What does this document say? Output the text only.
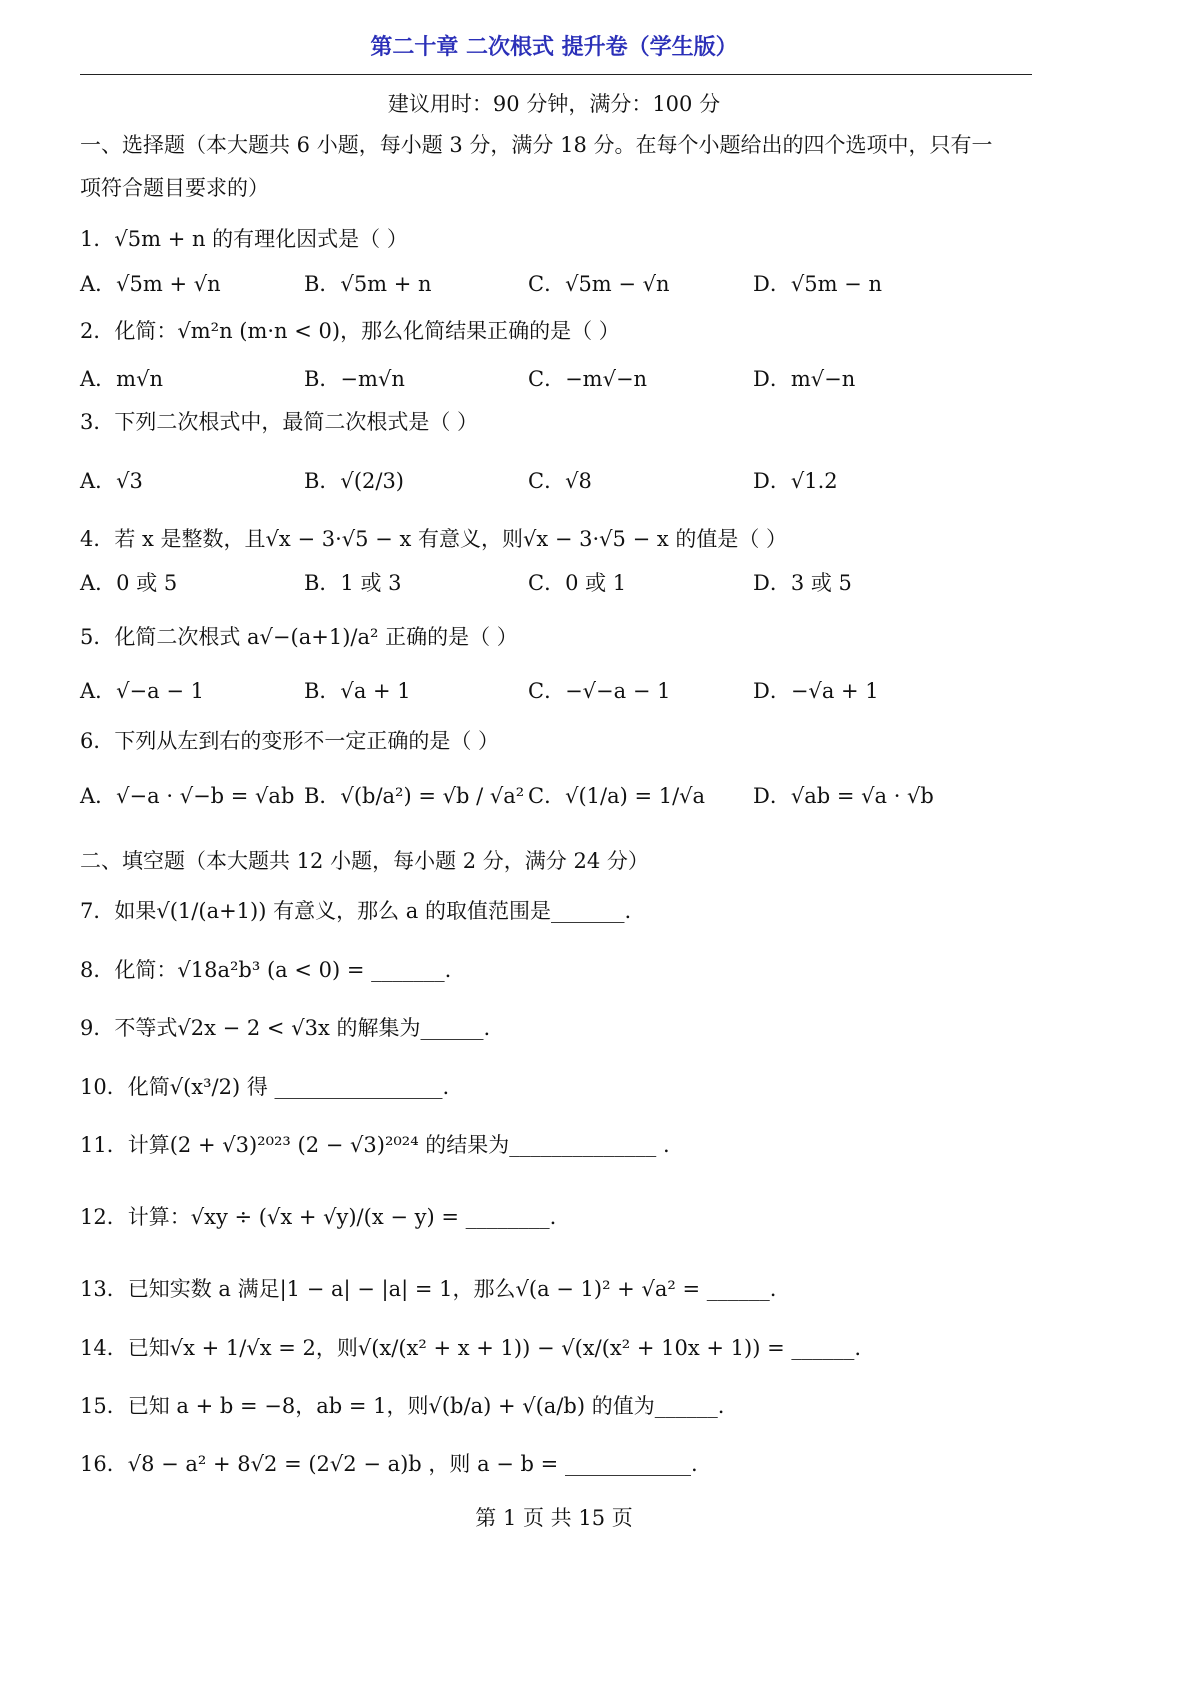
第二十章 二次根式 提升卷（学生版）
建议用时：90 分钟，满分：100 分
一、选择题（本大题共 6 小题，每小题 3 分，满分 18 分。在每个小题给出的四个选项中，只有一
项符合题目要求的）
1．√5m + n 的有理化因式是（ ）
A．√5m + √n	B．√5m + n	C．√5m − √n	D．√5m − n
2．化简：√m²n (m·n < 0)，那么化简结果正确的是（ ）
A．m√n	B．−m√n	C．−m√−n	D．m√−n
3．下列二次根式中，最简二次根式是（ ）
A．√3	B．√(2/3)	C．√8	D．√1.2
4．若 x 是整数，且√x − 3·√5 − x 有意义，则√x − 3·√5 − x 的值是（ ）
A．0 或 5	B．1 或 3	C．0 或 1	D．3 或 5
5．化简二次根式 a√−(a+1)/a² 正确的是（ ）
A．√−a − 1	B．√a + 1	C．−√−a − 1	D．−√a + 1
6．下列从左到右的变形不一定正确的是（ ）
A．√−a · √−b = √ab B．√(b/a²) = √b / √a² C．√(1/a) = 1/√a D．√ab = √a · √b
二、填空题（本大题共 12 小题，每小题 2 分，满分 24 分）
7．如果√(1/(a+1)) 有意义，那么 a 的取值范围是_______.
8．化简：√18a²b³ (a < 0) = _______.
9．不等式√2x − 2 < √3x 的解集为______.
10．化简√(x³/2) 得 ________________.
11．计算(2 + √3)²⁰²³ (2 − √3)²⁰²⁴ 的结果为______________ .
12．计算：√xy ÷ (√x + √y)/(x − y) = ________.
13．已知实数 a 满足|1 − a| − |a| = 1，那么√(a − 1)² + √a² = ______.
14．已知√x + 1/√x = 2，则√(x/(x² + x + 1)) − √(x/(x² + 10x + 1)) = ______.
15．已知 a + b = −8，ab = 1，则√(b/a) + √(a/b) 的值为______.
16．√8 − a² + 8√2 = (2√2 − a)b ，则 a − b = ____________.
第 1 页 共 15 页
